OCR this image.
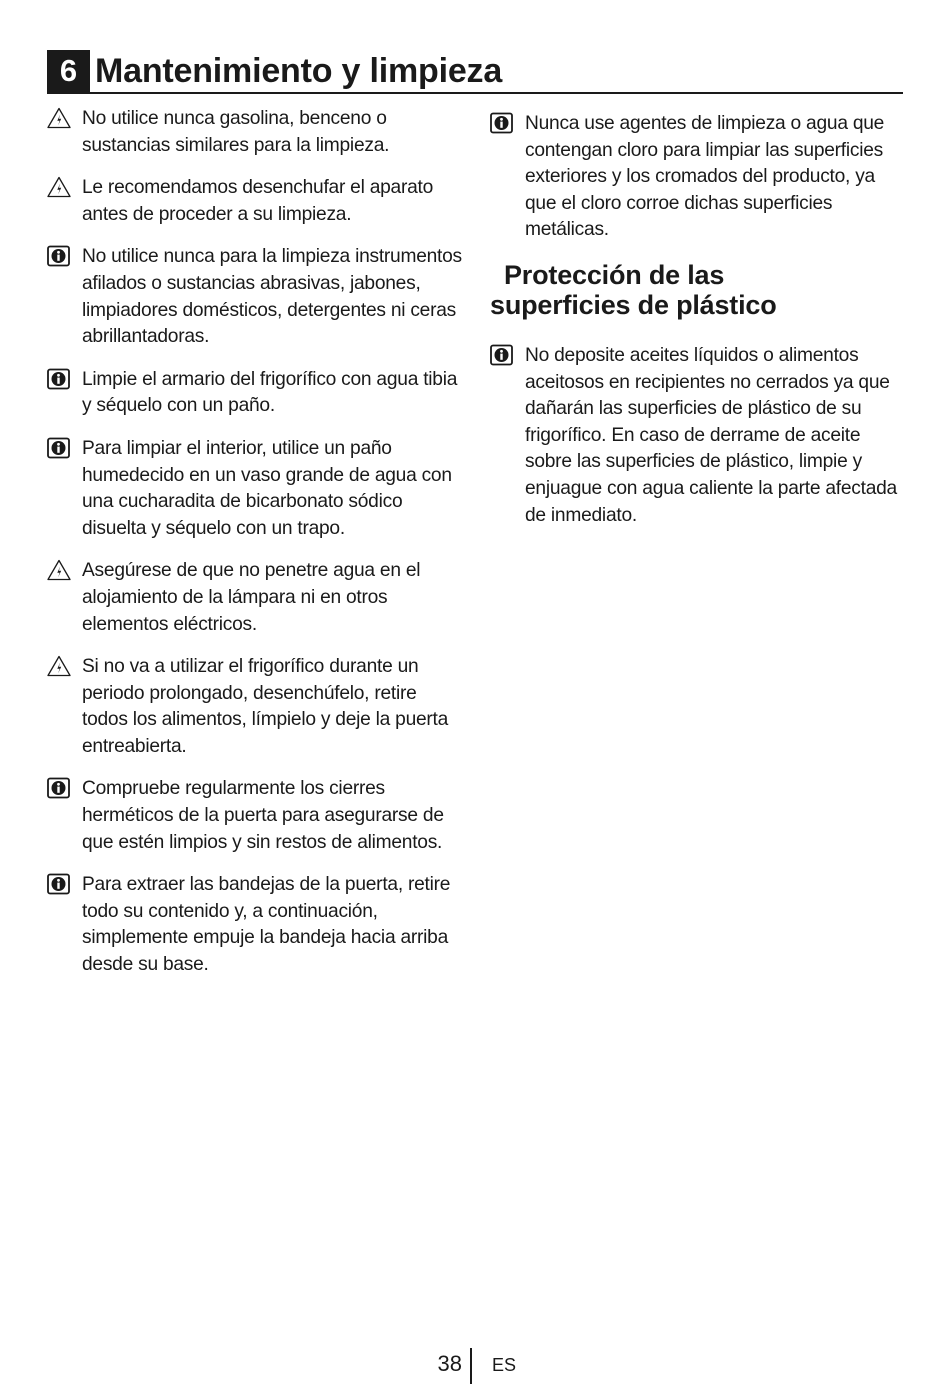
6 Mantenimiento y limpieza
No utilice nunca gasolina, benceno o sustancias similares para la limpieza.
Le recomendamos desenchufar el aparato antes de proceder a su limpieza.
No utilice nunca para la limpieza instrumentos afilados o sustancias abrasivas, jabones, limpiadores domésticos, detergentes ni ceras abrillantadoras.
Limpie el armario del frigorífico con agua tibia y séquelo con un paño.
Para limpiar el interior, utilice un paño humedecido en un vaso grande de agua con una cucharadita de bicarbonato sódico disuelta y séquelo con un trapo.
Asegúrese de que no penetre agua en el alojamiento de la lámpara ni en otros elementos eléctricos.
Si no va a utilizar el frigorífico durante un periodo prolongado, desenchúfelo, retire todos los alimentos, límpielo y deje la puerta entreabierta.
Compruebe regularmente los cierres herméticos de la puerta para asegurarse de que estén limpios y sin restos de alimentos.
Para extraer las bandejas de la puerta, retire todo su contenido y, a continuación, simplemente empuje la bandeja hacia arriba desde su base.
Nunca use agentes de limpieza o agua que contengan cloro para limpiar las superficies exteriores y los cromados del producto, ya que el cloro corroe dichas superficies metálicas.
Protección de las
superficies de plástico
No deposite aceites líquidos o alimentos aceitosos en recipientes no cerrados ya que dañarán las superficies de plástico de su frigorífico. En caso de derrame de aceite sobre las superficies de plástico, limpie y enjuague con agua caliente la parte afectada de inmediato.
38 ES
